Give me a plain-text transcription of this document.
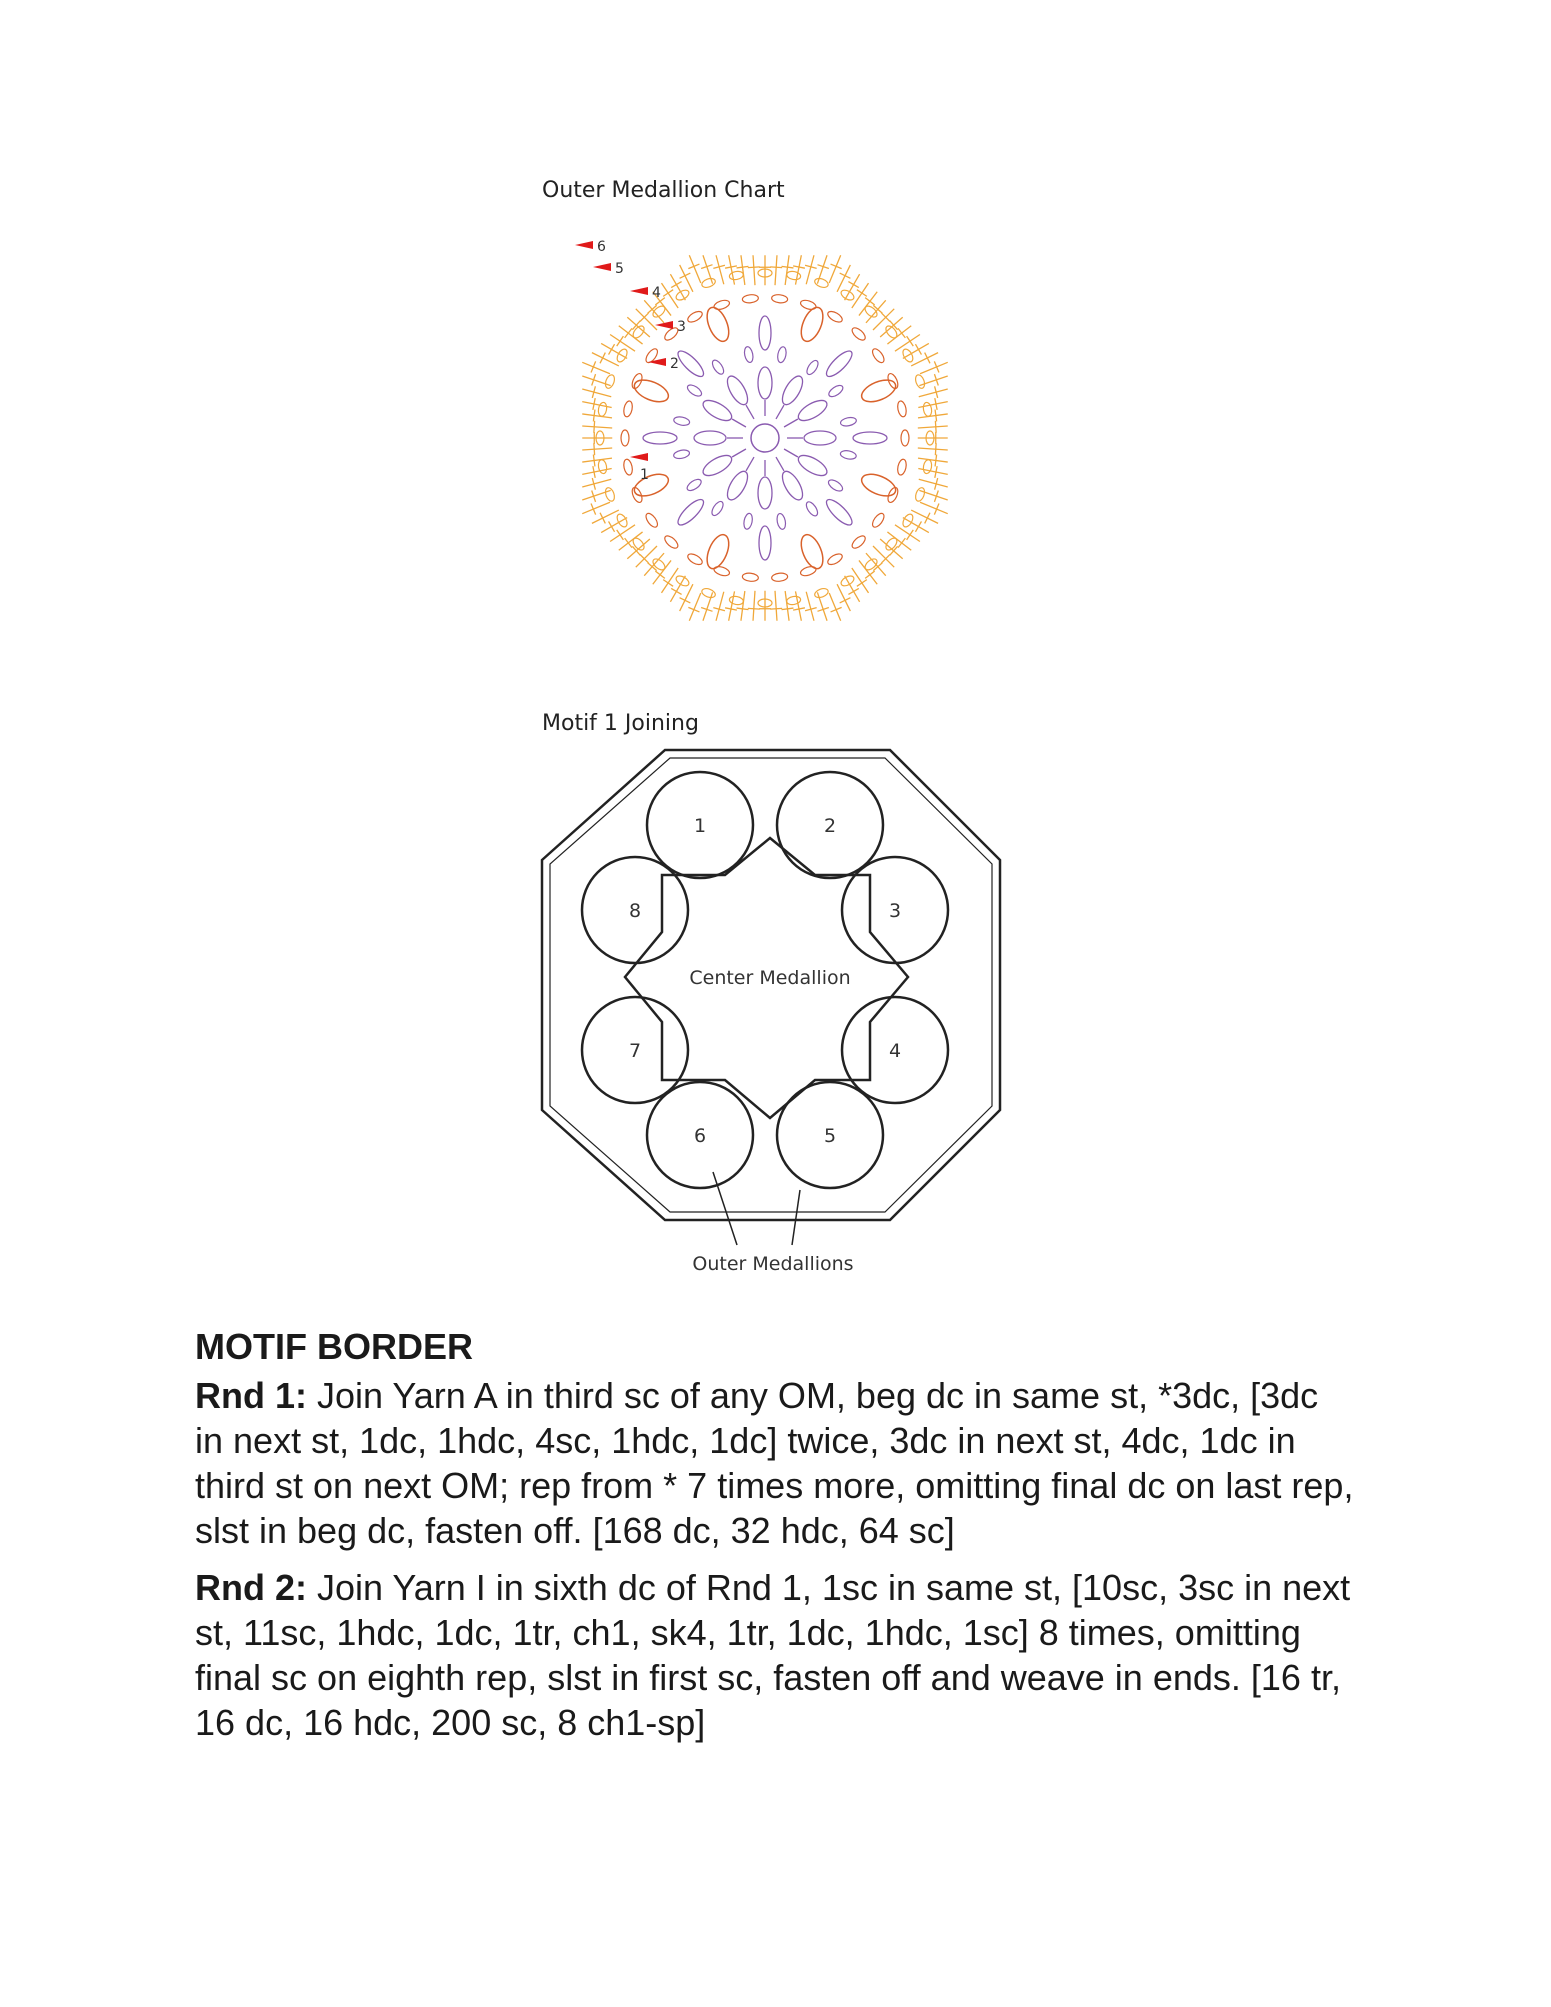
Outer Medallion Chart
1
2
3
4
5
6
Motif 1 Joining
Center Medallion
1	2
3
4
5
6
7
8
Outer Medallions
MOTIF BORDER

Rnd 1: Join Yarn A in third sc of any OM, beg dc in same st, *3dc, [3dc in next st, 1dc, 1hdc, 4sc, 1hdc, 1dc] twice, 3dc in next st, 4dc, 1dc in third st on next OM; rep from * 7 times more, omitting final dc on last rep, slst in beg dc, fasten off. [168 dc, 32 hdc, 64 sc]

Rnd 2: Join Yarn I in sixth dc of Rnd 1, 1sc in same st, [10sc, 3sc in next st, 11sc, 1hdc, 1dc, 1tr, ch1, sk4, 1tr, 1dc, 1hdc, 1sc] 8 times, omitting final sc on eighth rep, slst in first sc, fasten off and weave in ends. [16 tr, 16 dc, 16 hdc, 200 sc, 8 ch1-sp]
